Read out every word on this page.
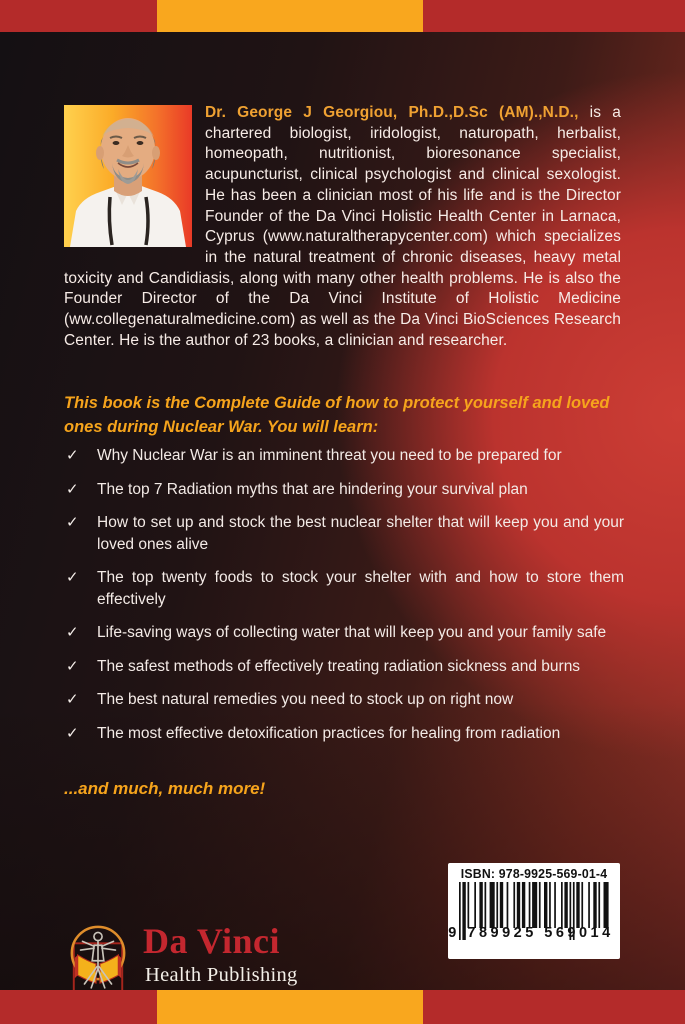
Dr. George J Georgiou, Ph.D.,D.Sc (AM).,N.D., is a chartered biologist, iridologist, naturopath, herbalist, homeopath, nutritionist, bioresonance specialist, acupuncturist, clinical psychologist and clinical sexologist. He has been a clinician most of his life and is the Director Founder of the Da Vinci Holistic Health Center in Larnaca, Cyprus (www.naturaltherapycenter.com) which specializes in the natural treatment of chronic diseases, heavy metal toxicity and Candidiasis, along with many other health problems. He is also the Founder Director of the Da Vinci Institute of Holistic Medicine (ww.collegenaturalmedicine.com) as well as the Da Vinci BioSciences Research Center. He is the author of 23 books, a clinician and researcher.
This book is the Complete Guide of how to protect yourself and loved ones during Nuclear War. You will learn:
✓	Why Nuclear War is an imminent threat you need to be prepared for
✓	The top 7 Radiation myths that are hindering your survival plan
✓	How to set up and stock the best nuclear shelter that will keep you and your loved ones alive
✓	The top twenty foods to stock your shelter with and how to store them effectively
✓	Life-saving ways of collecting water that will keep you and your family safe
✓	The safest methods of effectively treating radiation sickness and burns
✓	The best natural remedies you need to stock up on right now
✓	The most effective detoxification practices for healing from radiation
...and much, much more!
Da Vinci
Health Publishing
ISBN: 978-9925-569-01-4
9 789925 569014
